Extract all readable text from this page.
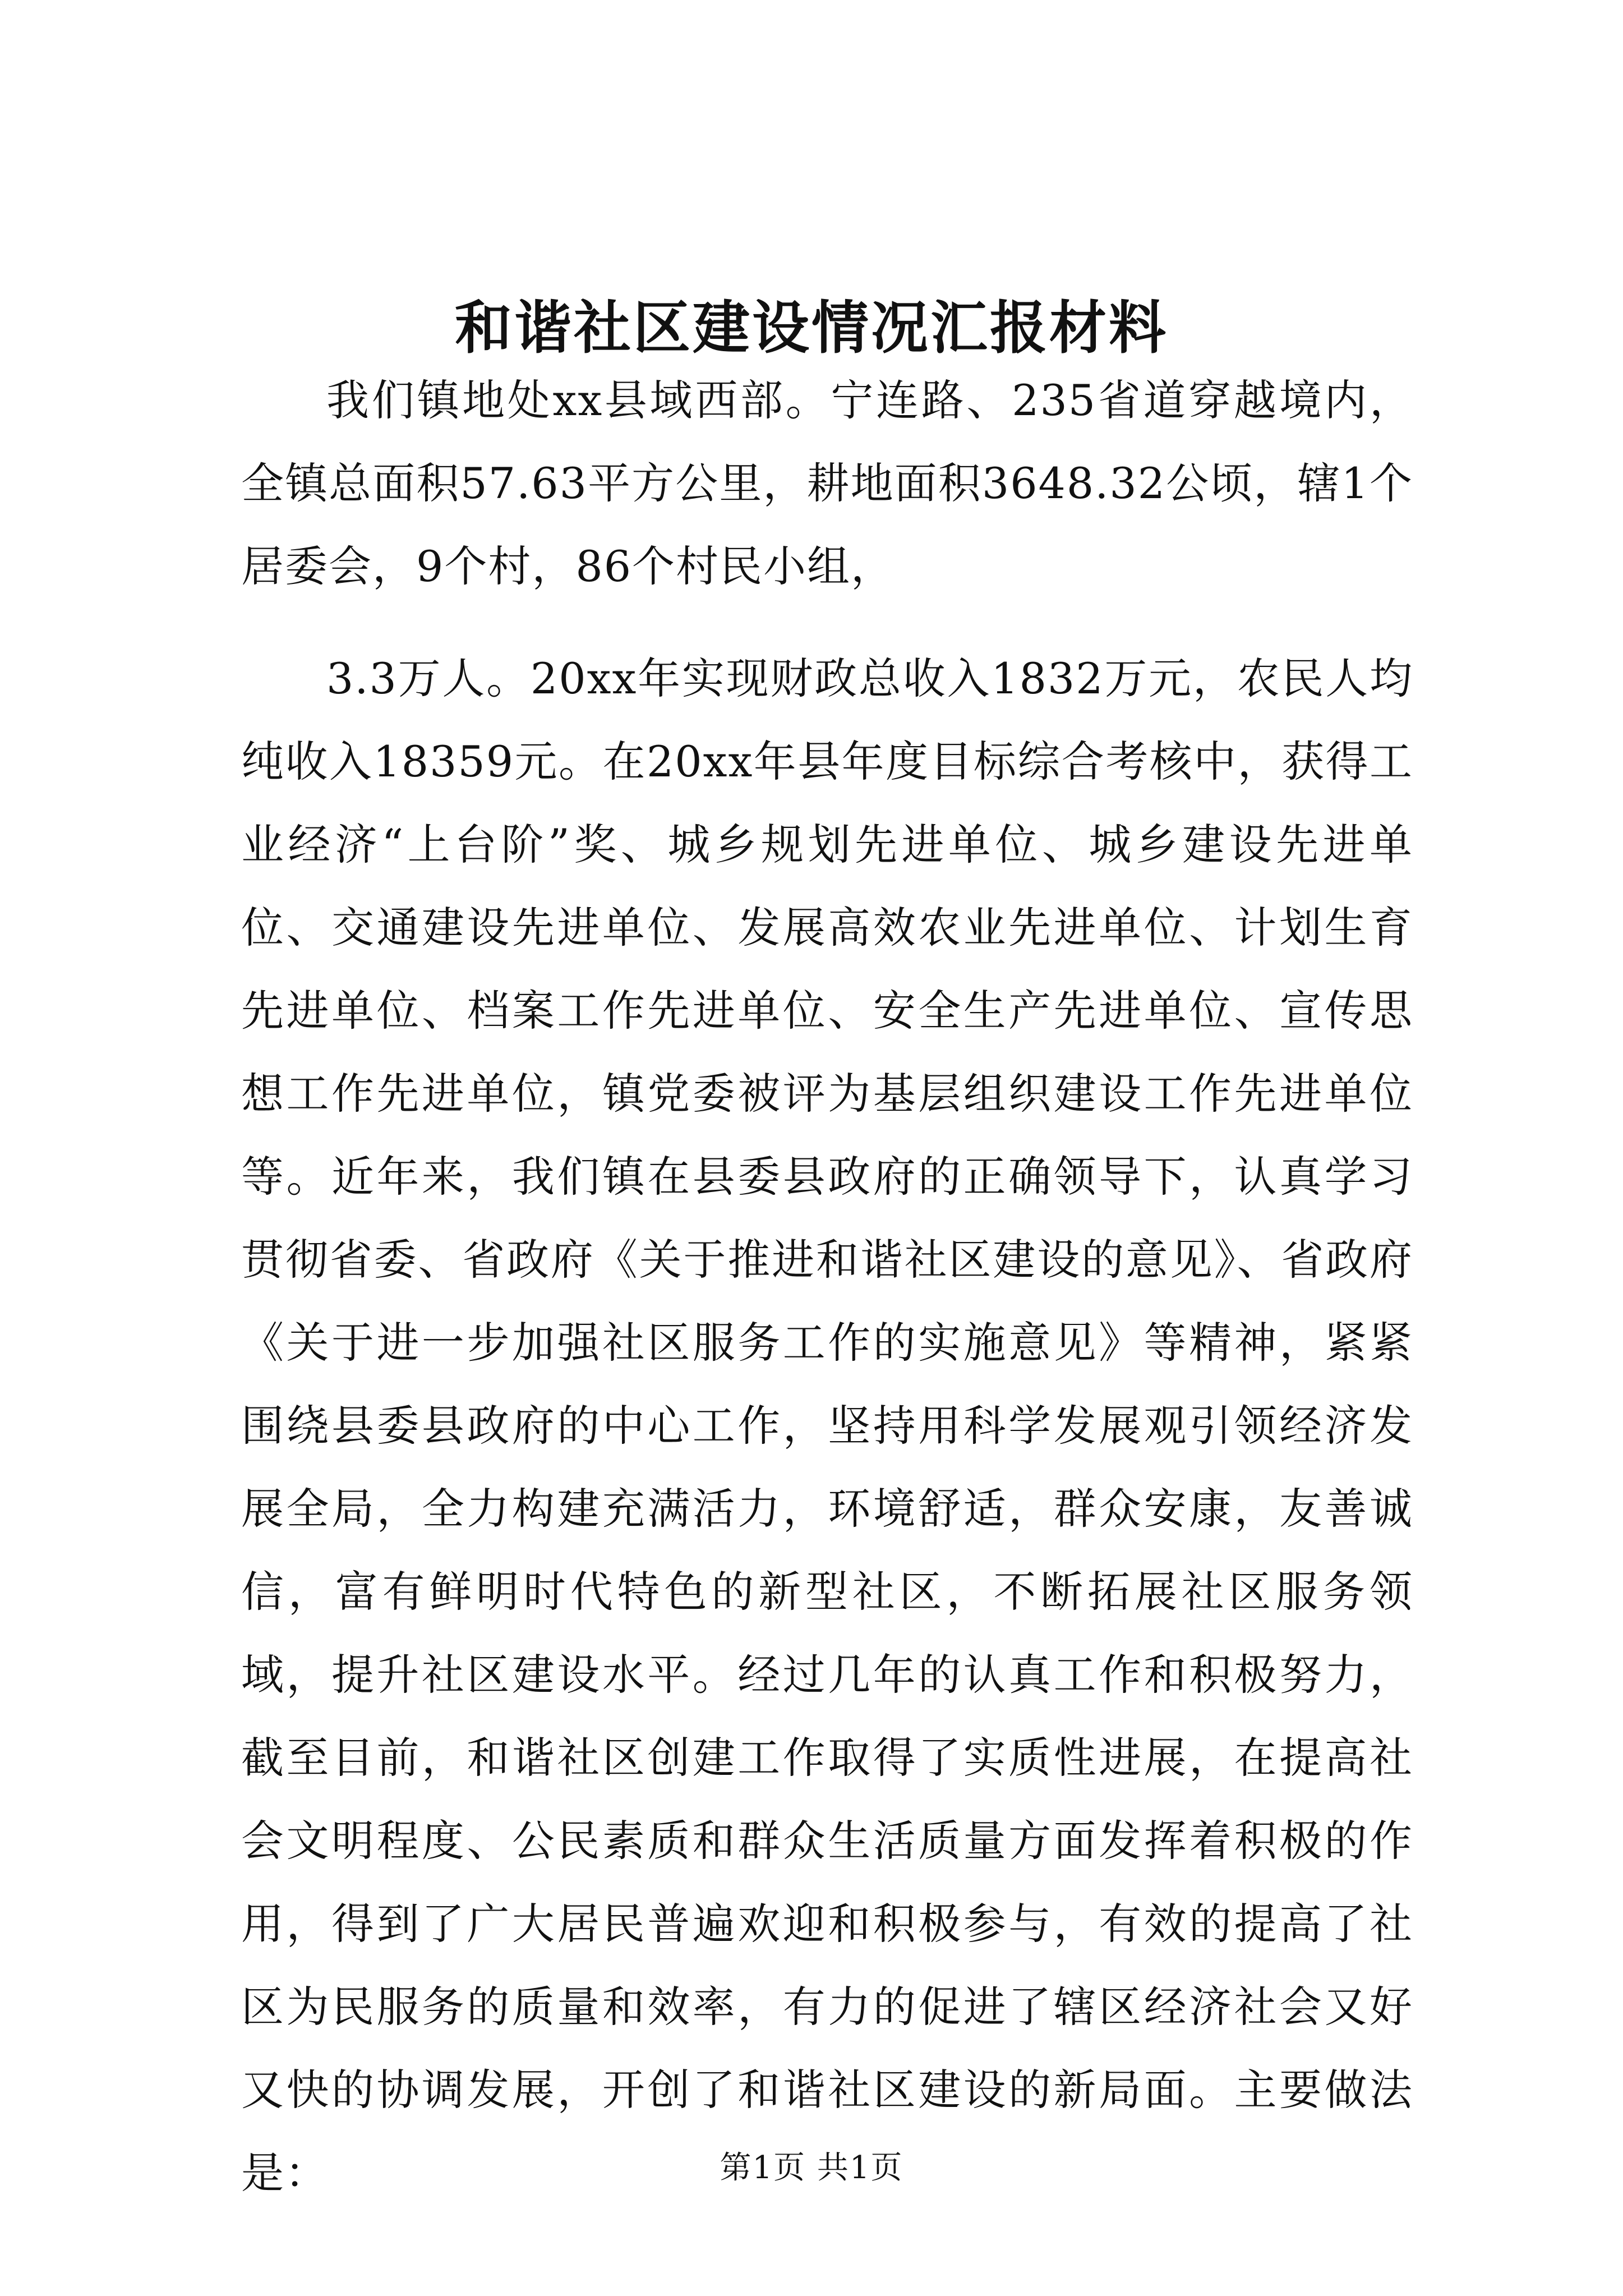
和谐社区建设情况汇报材料

我们镇地处xx县域西部。宁连路、235省道穿越境内，全镇总面积57.63平方公里，耕地面积3648.32公顷，辖1个居委会，9个村，86个村民小组，

3.3万人。20xx年实现财政总收入1832万元，农民人均纯收入18359元。在20xx年县年度目标综合考核中，获得工业经济“上台阶”奖、城乡规划先进单位、城乡建设先进单位、交通建设先进单位、发展高效农业先进单位、计划生育先进单位、档案工作先进单位、安全生产先进单位、宣传思想工作先进单位，镇党委被评为基层组织建设工作先进单位等。近年来，我们镇在县委县政府的正确领导下，认真学习贯彻省委、省政府《关于推进和谐社区建设的意见》、省政府《关于进一步加强社区服务工作的实施意见》等精神，紧紧围绕县委县政府的中心工作，坚持用科学发展观引领经济发展全局，全力构建充满活力，环境舒适，群众安康，友善诚信，富有鲜明时代特色的新型社区，不断拓展社区服务领域，提升社区建设水平。经过几年的认真工作和积极努力，截至目前，和谐社区创建工作取得了实质性进展，在提高社会文明程度、公民素质和群众生活质量方面发挥着积极的作用，得到了广大居民普遍欢迎和积极参与，有效的提高了社区为民服务的质量和效率，有力的促进了辖区经济社会又好又快的协调发展，开创了和谐社区建设的新局面。主要做法是：	第1页 共1页
